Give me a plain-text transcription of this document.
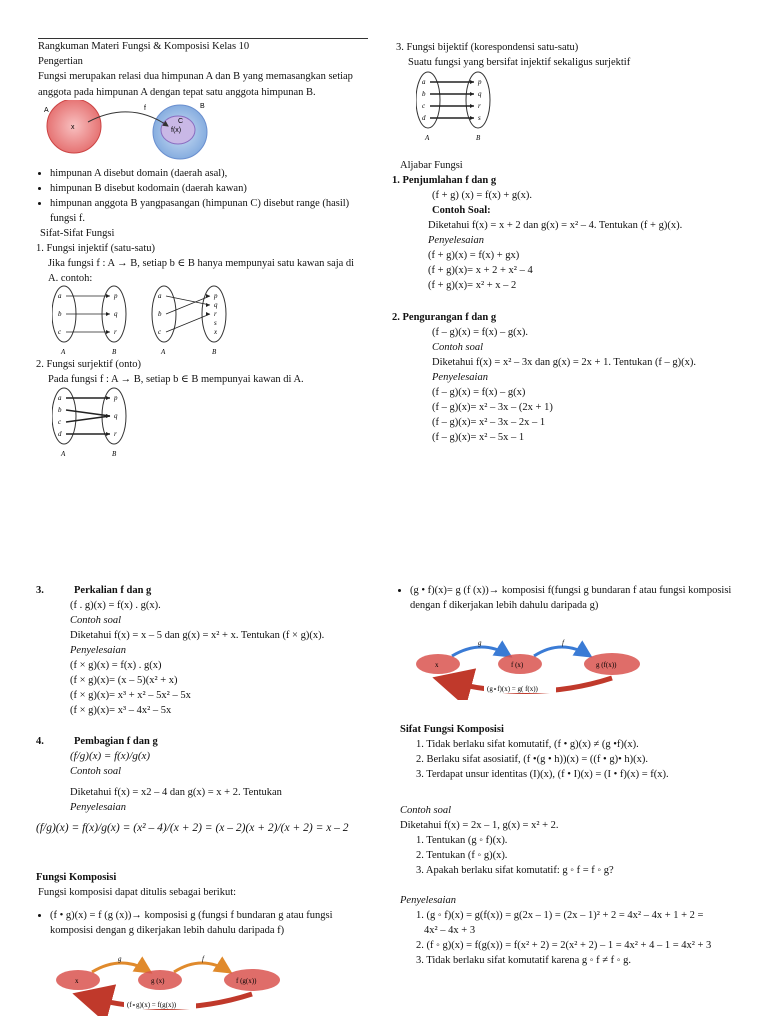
Rangkuman Materi Fungsi & Komposisi Kelas 10
Pengertian
Fungsi merupakan relasi dua himpunan A dan B yang memasangkan setiap anggota pada himpunan A dengan tepat satu anggota himpunan B.
A
B
x
f
C
f(x)
• himpunan A disebut domain (daerah asal),
• himpunan B disebut kodomain (daerah kawan)
• himpunan anggota B yangpasangan (himpunan C) disebut range (hasil) fungsi f.
Sifat-Sifat Fungsi
1. Fungsi injektif (satu-satu)
Jika fungsi f : A → B, setiap b ∈ B hanya mempunyai satu kawan saja di A. contoh:
a
b
c
p
q
r
A	B
a
b
c
p
q
r
s
x
A	B
2. Fungsi surjektif (onto)
Pada fungsi f : A → B, setiap b ∈ B mempunyai kawan di A.
a
b
c
d
p
q
r
A	B
3. Fungsi bijektif (korespondensi satu-satu)
Suatu fungsi yang bersifat injektif sekaligus surjektif
a
b
c
d
p
q
r
s
A	B
Aljabar Fungsi
1. Penjumlahan f dan g
(f + g) (x) = f(x) + g(x).
Contoh Soal:
Diketahui f(x) = x + 2 dan g(x) = x² – 4. Tentukan (f + g)(x).
Penyelesaian
(f + g)(x) = f(x) + gx)
(f + g)(x)= x + 2 + x² – 4
(f + g)(x)= x² + x – 2
2. Pengurangan f dan g
(f – g)(x) = f(x) – g(x).
Contoh soal
Diketahui f(x) = x² – 3x dan g(x) = 2x + 1. Tentukan (f – g)(x).
Penyelesaian
(f – g)(x) = f(x) – g(x)
(f – g)(x)= x² – 3x – (2x + 1)
(f – g)(x)= x² – 3x – 2x – 1
(f – g)(x)= x² – 5x – 1
3.	Perkalian f dan g
(f . g)(x) = f(x) . g(x).
Contoh soal
Diketahui f(x) = x – 5 dan g(x) = x² + x. Tentukan (f × g)(x).
Penyelesaian
(f × g)(x) = f(x) . g(x)
(f × g)(x)= (x – 5)(x² + x)
(f × g)(x)= x³ + x² – 5x² – 5x
(f × g)(x)= x³ – 4x² – 5x
4.	Pembagian f dan g
(f/g)(x) = f(x)/g(x)
Contoh soal
Diketahui f(x) = x2 – 4 dan g(x) = x + 2. Tentukan
Penyelesaian
(f/g)(x) = f(x)/g(x) = (x² – 4)/(x + 2) = (x – 2)(x + 2)/(x + 2) = x – 2
Fungsi Komposisi
Fungsi komposisi dapat ditulis sebagai berikut:
• (f • g)(x) = f (g (x))→ komposisi g (fungsi f bundaran g atau fungsi komposisi dengan g dikerjakan lebih dahulu daripada f)
x
g
g (x)
f
f (g(x))
(f∘g)(x) = f(g(x))
• (g • f)(x)= g (f (x))→ komposisi f(fungsi g bundaran f atau fungsi komposisi dengan f dikerjakan lebih dahulu daripada g)
x
g
f (x)
f
g (f(x))
(g∘f)(x) = g( f(x))
Sifat Fungsi Komposisi
1. Tidak berlaku sifat komutatif, (f • g)(x) ≠ (g •f)(x).
2. Berlaku sifat asosiatif, (f •(g • h))(x) = ((f • g)• h)(x).
3. Terdapat unsur identitas (I)(x), (f • I)(x) = (I • f)(x) = f(x).
Contoh soal
Diketahui f(x) = 2x – 1, g(x) = x² + 2.
1. Tentukan (g ◦ f)(x).
2. Tentukan (f ◦ g)(x).
3. Apakah berlaku sifat komutatif: g ◦ f = f ◦ g?
Penyelesaian
1. (g ◦ f)(x) = g(f(x)) = g(2x – 1) = (2x – 1)² + 2 = 4x² – 4x + 1 + 2 =
4x² – 4x + 3
2. (f ◦ g)(x) = f(g(x)) = f(x² + 2) = 2(x² + 2) – 1 = 4x² + 4 – 1 = 4x² + 3
3. Tidak berlaku sifat komutatif karena g ◦ f ≠ f ◦ g.
